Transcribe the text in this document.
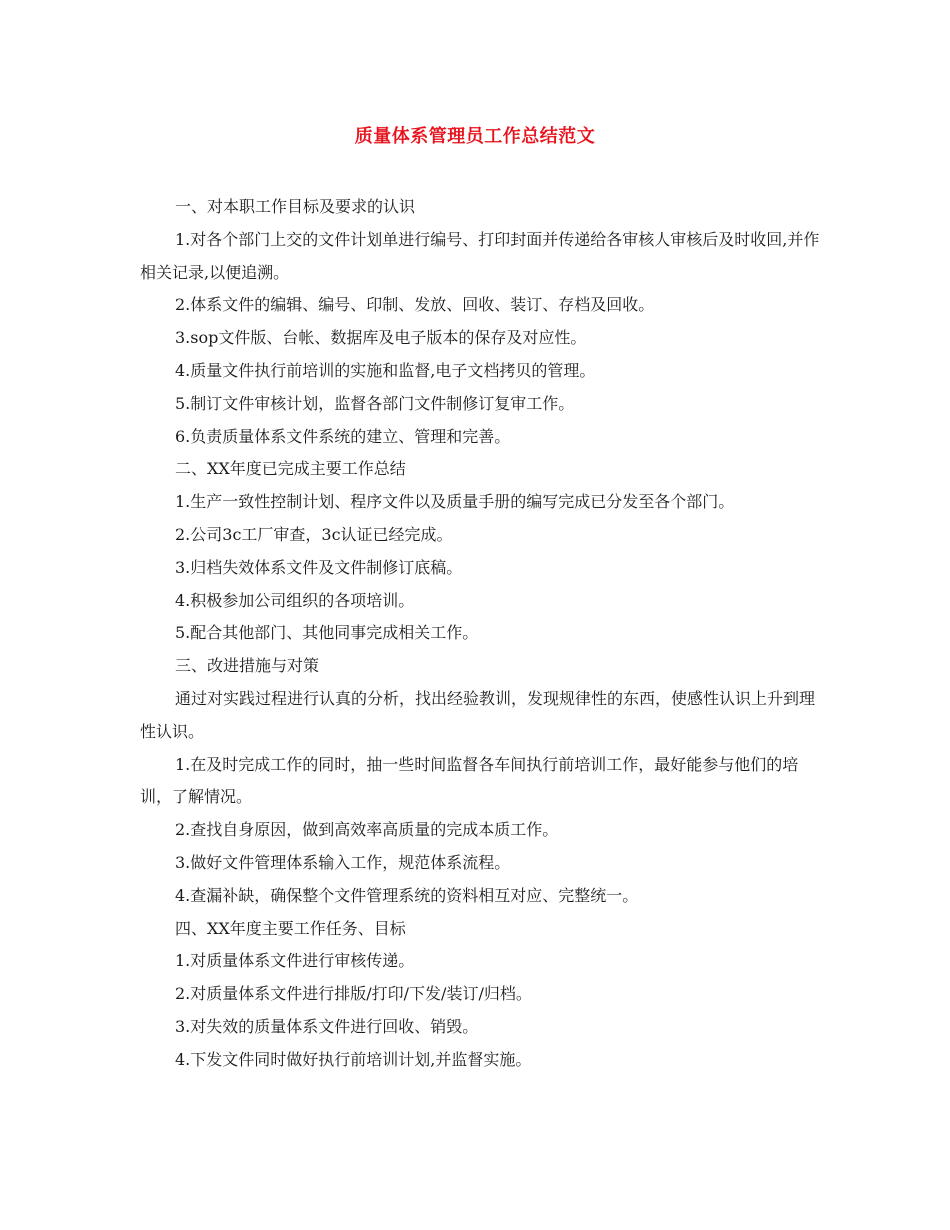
质量体系管理员工作总结范文

一、对本职工作目标及要求的认识

1.对各个部门上交的文件计划单进行编号、打印封面并传递给各审核人审核后及时收回,并作相关记录,以便追溯。

2.体系文件的编辑、编号、印制、发放、回收、装订、存档及回收。

3.sop文件版、台帐、数据库及电子版本的保存及对应性。

4.质量文件执行前培训的实施和监督,电子文档拷贝的管理。

5.制订文件审核计划，监督各部门文件制修订复审工作。

6.负责质量体系文件系统的建立、管理和完善。

二、XX年度已完成主要工作总结

1.生产一致性控制计划、程序文件以及质量手册的编写完成已分发至各个部门。

2.公司3c工厂审查，3c认证已经完成。

3.归档失效体系文件及文件制修订底稿。

4.积极参加公司组织的各项培训。

5.配合其他部门、其他同事完成相关工作。

三、改进措施与对策

通过对实践过程进行认真的分析，找出经验教训，发现规律性的东西，使感性认识上升到理性认识。

1.在及时完成工作的同时，抽一些时间监督各车间执行前培训工作，最好能参与他们的培训，了解情况。

2.查找自身原因，做到高效率高质量的完成本质工作。

3.做好文件管理体系输入工作，规范体系流程。

4.查漏补缺，确保整个文件管理系统的资料相互对应、完整统一。

四、XX年度主要工作任务、目标

1.对质量体系文件进行审核传递。

2.对质量体系文件进行排版/打印/下发/装订/归档。

3.对失效的质量体系文件进行回收、销毁。

4.下发文件同时做好执行前培训计划,并监督实施。
